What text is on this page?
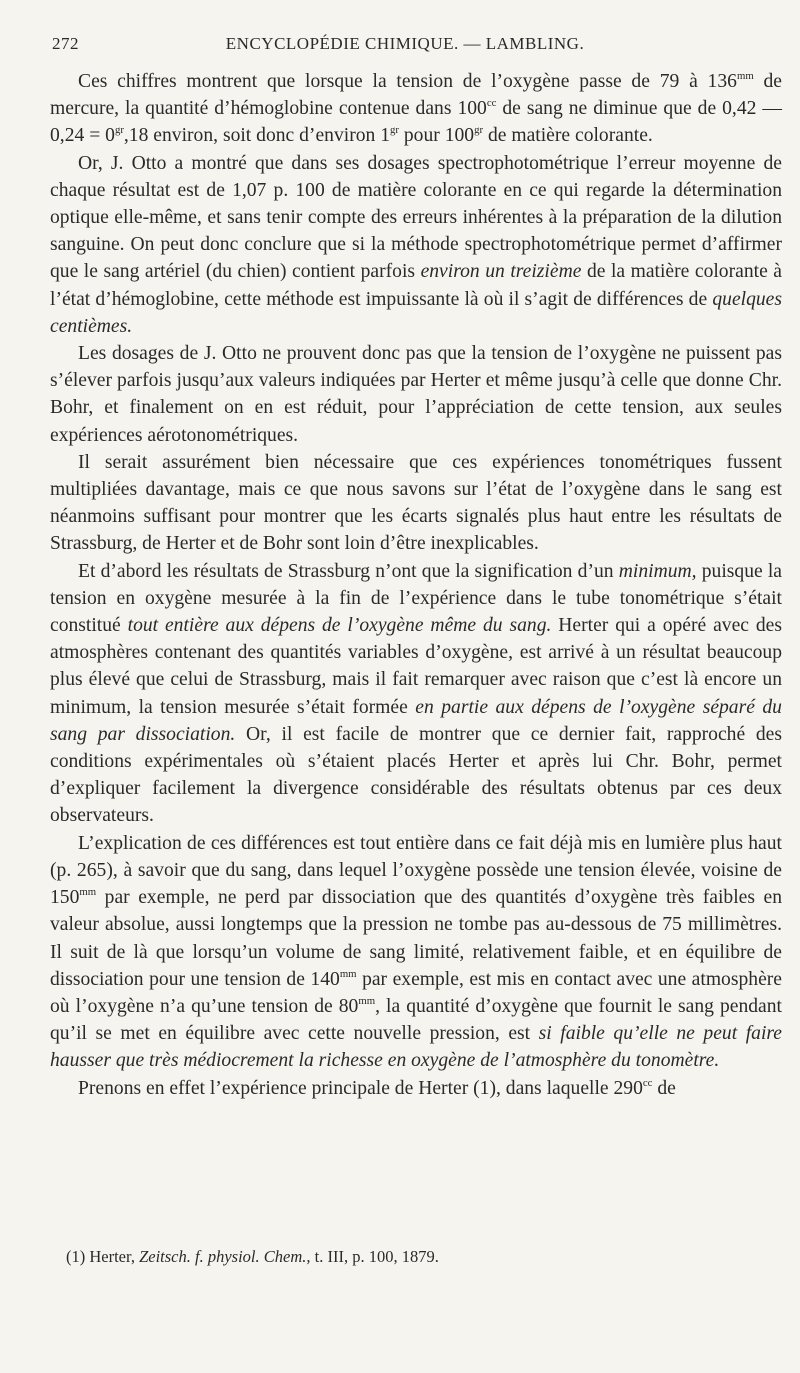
272	ENCYCLOPÉDIE CHIMIQUE. — LAMBLING.

Ces chiffres montrent que lorsque la tension de l’oxygène passe de 79 à $136^{mm}$ de mercure, la quantité d’hémoglobine contenue dans $100^{cc}$ de sang ne diminue que de 0,42 — $0,24 = 0^{gr},18$ environ, soit donc d’environ $1^{gr}$ pour $100^{gr}$ de matière colorante.

Or, J. Otto a montré que dans ses dosages spectrophotométrique l’erreur moyenne de chaque résultat est de 1,07 p. 100 de matière colorante en ce qui regarde la détermination optique elle-même, et sans tenir compte des erreurs inhérentes à la préparation de la dilution sanguine. On peut donc conclure que si la méthode spectrophotométrique permet d’affirmer que le sang artériel (du chien) contient parfois environ un treizième de la matière colorante à l’état d’hémoglobine, cette méthode est impuissante là où il s’agit de différences de quelques centièmes.

Les dosages de J. Otto ne prouvent donc pas que la tension de l’oxygène ne puissent pas s’élever parfois jusqu’aux valeurs indiquées par Herter et même jusqu’à celle que donne Chr. Bohr, et finalement on en est réduit, pour l’appréciation de cette tension, aux seules expériences aérotonométriques.

Il serait assurément bien nécessaire que ces expériences tonométriques fussent multipliées davantage, mais ce que nous savons sur l’état de l’oxygène dans le sang est néanmoins suffisant pour montrer que les écarts signalés plus haut entre les résultats de Strassburg, de Herter et de Bohr sont loin d’être inexplicables.

Et d’abord les résultats de Strassburg n’ont que la signification d’un minimum, puisque la tension en oxygène mesurée à la fin de l’expérience dans le tube tonométrique s’était constitué tout entière aux dépens de l’oxygène même du sang. Herter qui a opéré avec des atmosphères contenant des quantités variables d’oxygène, est arrivé à un résultat beaucoup plus élevé que celui de Strassburg, mais il fait remarquer avec raison que c’est là encore un minimum, la tension mesurée s’était formée en partie aux dépens de l’oxygène séparé du sang par dissociation. Or, il est facile de montrer que ce dernier fait, rapproché des conditions expérimentales où s’étaient placés Herter et après lui Chr. Bohr, permet d’expliquer facilement la divergence considérable des résultats obtenus par ces deux observateurs.

L’explication de ces différences est tout entière dans ce fait déjà mis en lumière plus haut (p. 265), à savoir que du sang, dans lequel l’oxygène possède une tension élevée, voisine de $150^{mm}$ par exemple, ne perd par dissociation que des quantités d’oxygène très faibles en valeur absolue, aussi longtemps que la pression ne tombe pas au-dessous de 75 millimètres. Il suit de là que lorsqu’un volume de sang limité, relativement faible, et en équilibre de dissociation pour une tension de $140^{mm}$ par exemple, est mis en contact avec une atmosphère où l’oxygène n’a qu’une tension de $80^{mm}$, la quantité d’oxygène que fournit le sang pendant qu’il se met en équilibre avec cette nouvelle pression, est si faible qu’elle ne peut faire hausser que très médiocrement la richesse en oxygène de l’atmosphère du tonomètre.

Prenons en effet l’expérience principale de Herter (1), dans laquelle $290^{cc}$ de

(1) Herter, Zeitsch. f. physiol. Chem., t. III, p. 100, 1879.
